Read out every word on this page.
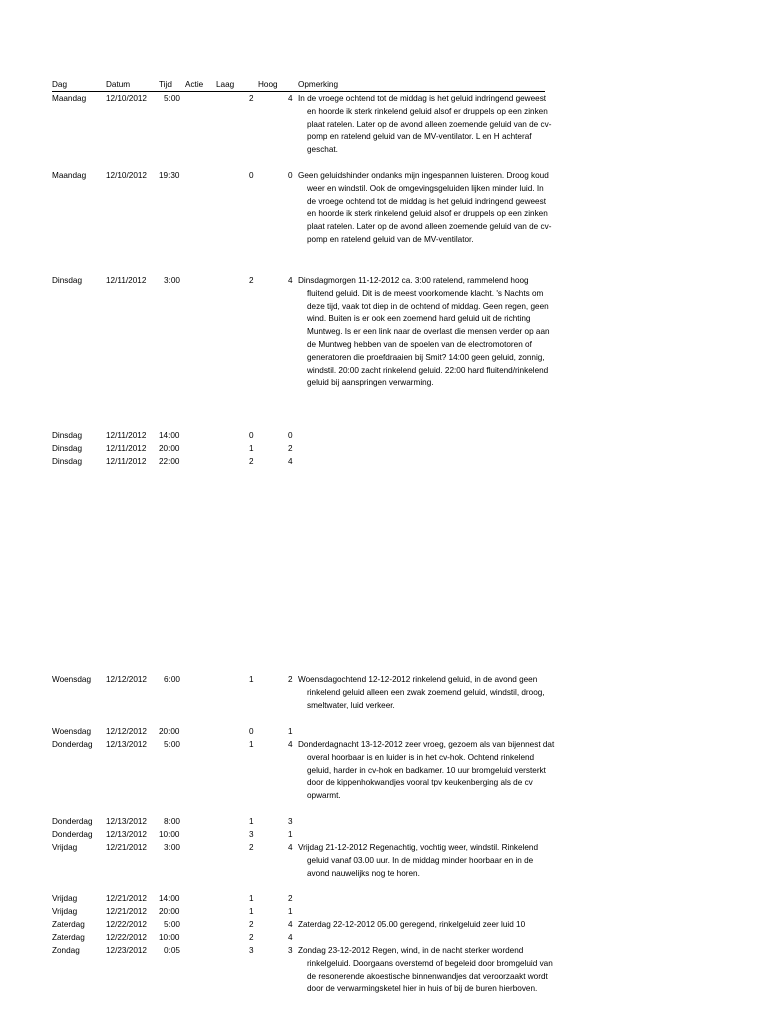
Dag	Datum	Tijd Actie Laag	Hoog Opmerking
Maandag 12/10/2012 5:00	2	4 In de vroege ochtend tot de middag is het geluid indringend geweest en hoorde ik sterk rinkelend geluid alsof er druppels op een zinken plaat ratelen. Later op de avond alleen zoemende geluid van de cv-pomp en ratelend geluid van de MV-ventilator. L en H achteraf geschat.
Maandag 12/10/2012 19:30	0	0 Geen geluidshinder ondanks mijn ingespannen luisteren. Droog koud weer en windstil. Ook de omgevingsgeluiden lijken minder luid. In de vroege ochtend tot de middag is het geluid indringend geweest en hoorde ik sterk rinkelend geluid alsof er druppels op een zinken plaat ratelen. Later op de avond alleen zoemende geluid van de cv-pomp en ratelend geluid van de MV-ventilator.
Dinsdag	12/11/2012 3:00	2	4 Dinsdagmorgen 11-12-2012 ca. 3:00 ratelend, rammelend hoog fluitend geluid. Dit is de meest voorkomende klacht. 's Nachts om deze tijd, vaak tot diep in de ochtend of middag. Geen regen, geen wind. Buiten is er ook een zoemend hard geluid uit de richting Muntweg. Is er een link naar de overlast die mensen verder op aan de Muntweg hebben van de spoelen van de electromotoren of generatoren die proefdraaien bij Smit? 14:00 geen geluid, zonnig, windstil. 20:00 zacht rinkelend geluid. 22:00 hard fluitend/rinkelend geluid bij aanspringen verwarming.
Dinsdag	12/11/2012 14:00	0	0
Dinsdag	12/11/2012 20:00	1	2
Dinsdag	12/11/2012 22:00	2	4
Woensdag 12/12/2012 6:00	1	2 Woensdagochtend 12-12-2012 rinkelend geluid, in de avond geen rinkelend geluid alleen een zwak zoemend geluid, windstil, droog, smeltwater, luid verkeer.
Woensdag 12/12/2012 20:00	0	1
Donderdag 12/13/2012 5:00	1	4 Donderdagnacht 13-12-2012 zeer vroeg, gezoem als van bijennest dat overal hoorbaar is en luider is in het cv-hok. Ochtend rinkelend geluid, harder in cv-hok en badkamer. 10 uur bromgeluid versterkt door de kippenhokwandjes vooral tpv keukenberging als de cv opwarmt.
Donderdag 12/13/2012 8:00	1	3
Donderdag 12/13/2012 10:00	3	1
Vrijdag	12/21/2012 3:00	2	4 Vrijdag 21-12-2012 Regenachtig, vochtig weer, windstil. Rinkelend geluid vanaf 03.00 uur. In de middag minder hoorbaar en in de avond nauwelijks nog te horen.
Vrijdag	12/21/2012 14:00	1	2
Vrijdag	12/21/2012 20:00	1	1
Zaterdag	12/22/2012 5:00	2	4 Zaterdag 22-12-2012 05.00 geregend, rinkelgeluid zeer luid 10
Zaterdag	12/22/2012 10:00	2	4
Zondag	12/23/2012 0:05	3	3 Zondag 23-12-2012 Regen, wind, in de nacht sterker wordend rinkelgeluid. Doorgaans overstemd of begeleid door bromgeluid van de resonerende akoestische binnenwandjes dat veroorzaakt wordt door de verwarmingsketel hier in huis of bij de buren hierboven.
